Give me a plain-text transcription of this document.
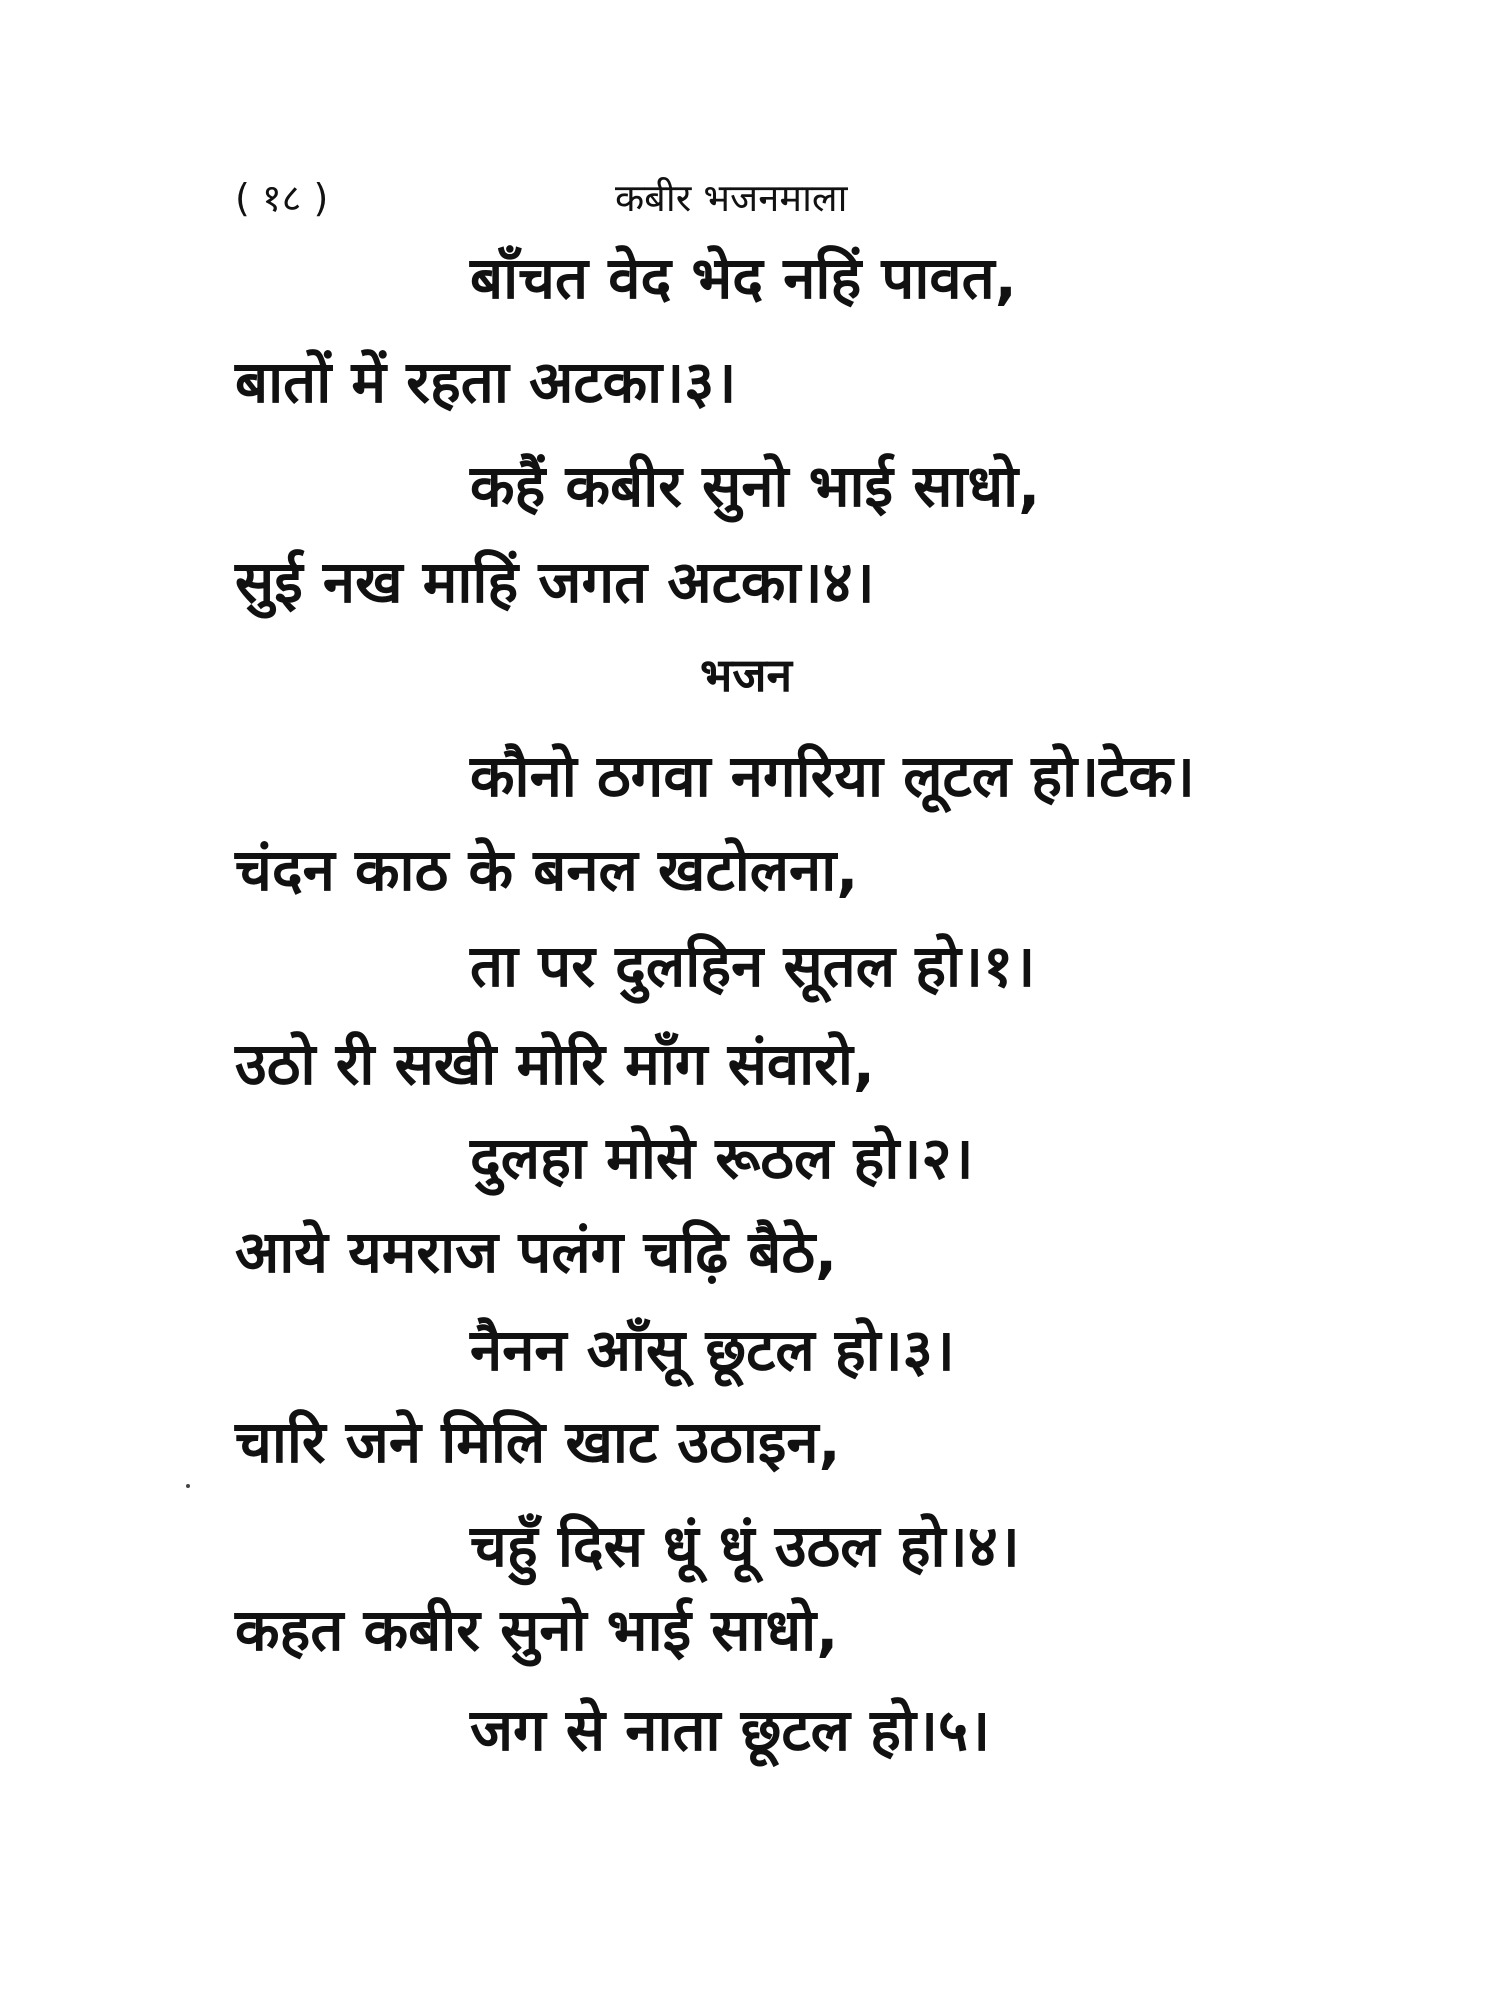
( १८ )	कबीर भजनमाला
बाँचत वेद भेद नहिं पावत,
बातों में रहता अटका।३।
कहैं कबीर सुनो भाई साधो,
सुई नख माहिं जगत अटका।४।
भजन
कौनो ठगवा नगरिया लूटल हो।टेक।
चंदन काठ के बनल खटोलना,
ता पर दुलहिन सूतल हो।१।
उठो री सखी मोरि माँग संवारो,
दुलहा मोसे रूठल हो।२।
आये यमराज पलंग चढ़ि बैठे,
नैनन आँसू छूटल हो।३।
चारि जने मिलि खाट उठाइन,
चहुँ दिस धूं धूं उठल हो।४।
कहत कबीर सुनो भाई साधो,
जग से नाता छूटल हो।५।
